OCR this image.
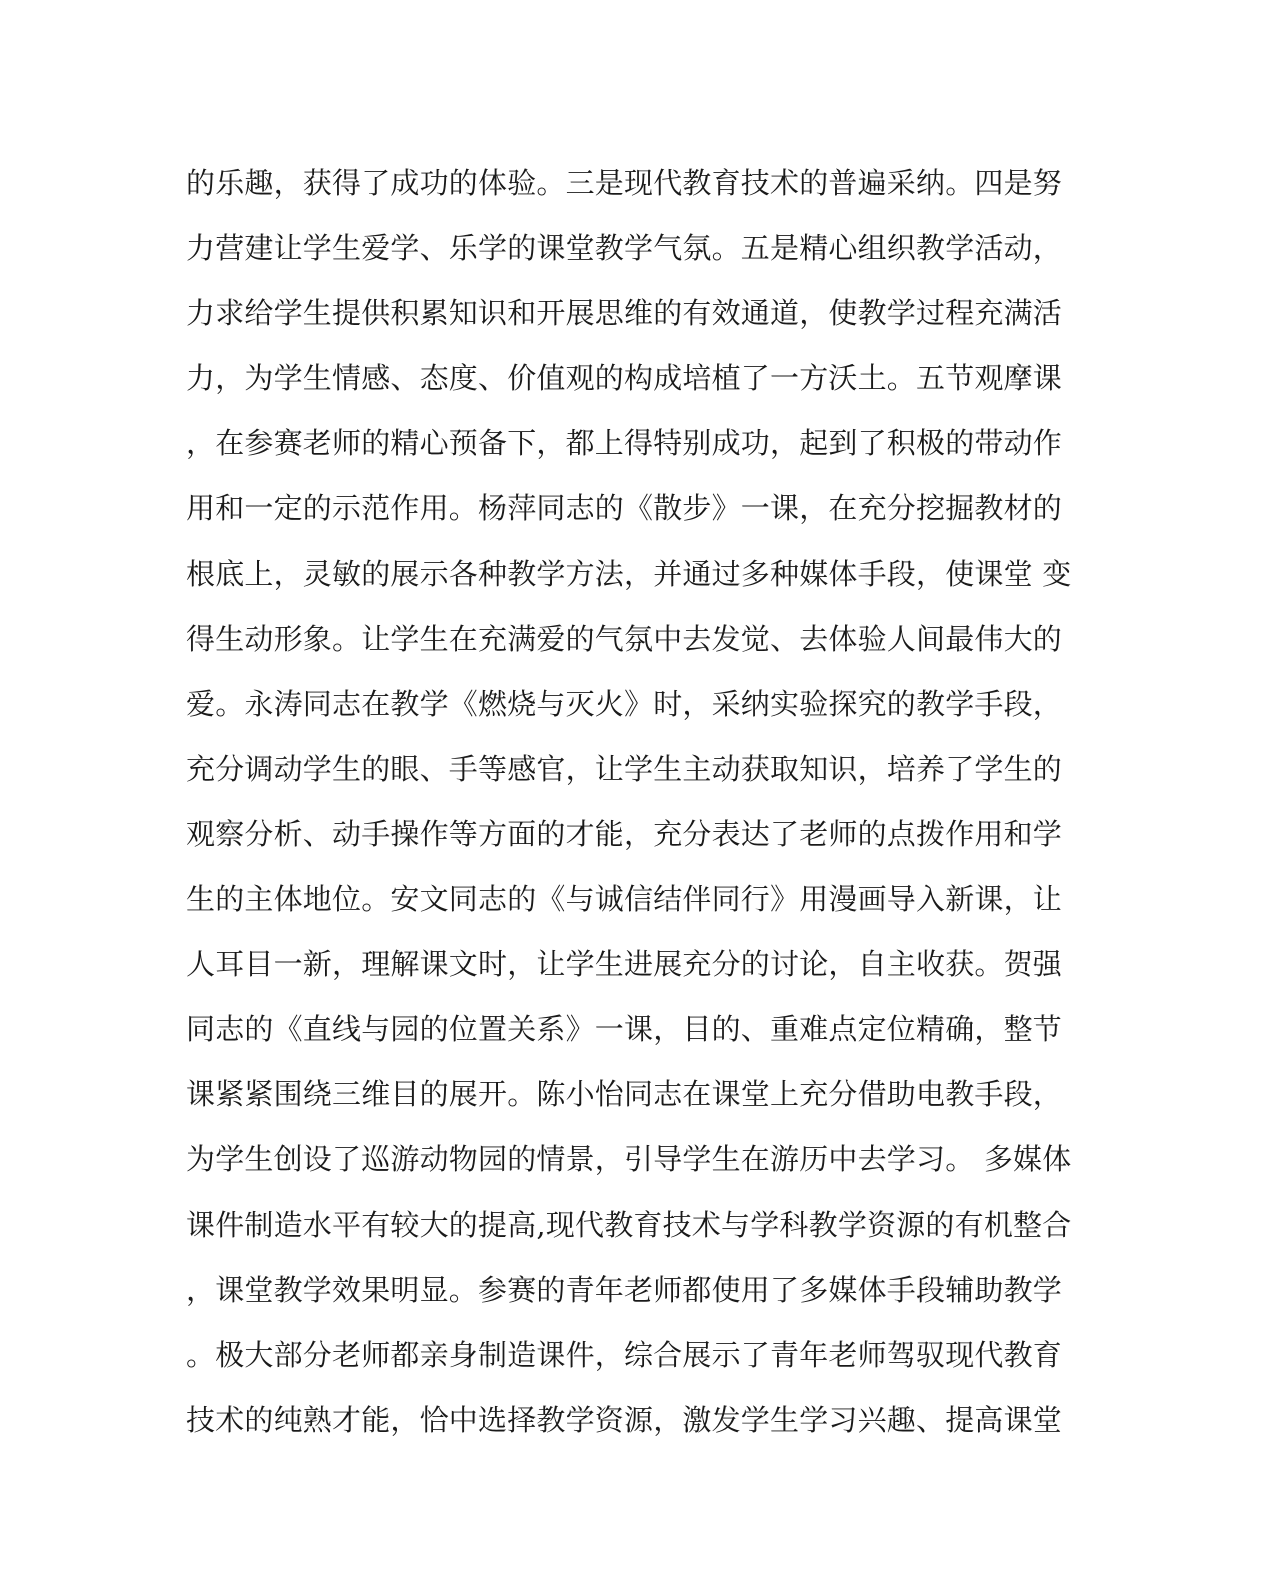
的乐趣，获得了成功的体验。三是现代教育技术的普遍采纳。四是努
力营建让学生爱学、乐学的课堂教学气氛。五是精心组织教学活动，
力求给学生提供积累知识和开展思维的有效通道，使教学过程充满活
力，为学生情感、态度、价值观的构成培植了一方沃土。五节观摩课
，在参赛老师的精心预备下，都上得特别成功，起到了积极的带动作
用和一定的示范作用。杨萍同志的《散步》一课，在充分挖掘教材的
根底上，灵敏的展示各种教学方法，并通过多种媒体手段，使课堂 变
得生动形象。让学生在充满爱的气氛中去发觉、去体验人间最伟大的
爱。永涛同志在教学《燃烧与灭火》时，采纳实验探究的教学手段，
充分调动学生的眼、手等感官，让学生主动获取知识，培养了学生的
观察分析、动手操作等方面的才能，充分表达了老师的点拨作用和学
生的主体地位。安文同志的《与诚信结伴同行》用漫画导入新课，让
人耳目一新，理解课文时，让学生进展充分的讨论，自主收获。贺强
同志的《直线与园的位置关系》一课，目的、重难点定位精确，整节
课紧紧围绕三维目的展开。陈小怡同志在课堂上充分借助电教手段，
为学生创设了巡游动物园的情景，引导学生在游历中去学习。 多媒体
课件制造水平有较大的提高,现代教育技术与学科教学资源的有机整合
，课堂教学效果明显。参赛的青年老师都使用了多媒体手段辅助教学
。极大部分老师都亲身制造课件，综合展示了青年老师驾驭现代教育
技术的纯熟才能，恰中选择教学资源，激发学生学习兴趣、提高课堂
